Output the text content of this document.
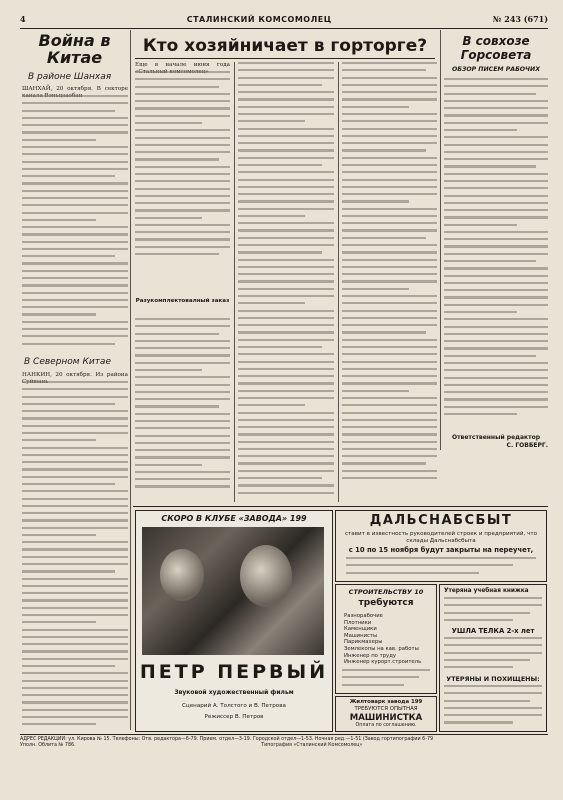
4	СТАЛИНСКИЙ КОМСОМОЛЕЦ	№ 243 (671)
Война в Китае
В районе Шанхая
ШАНХАЙ, 20 октября. В секторе
В Северном Китае
НАНКИН, 20 октября. Из района
Кто хозяйничает в горторге?
Еще в начале июня года
Разукомплектовалный заказ
В совхозе Горсовета
ОБЗОР ПИСЕМ РАБОЧИХ
Ответственный редактор
С. ГОВБЕРГ.
СКОРО В КЛУБЕ «ЗАВОДА» 199
ПЕТР ПЕРВЫЙ
Звуковой художественный фильм
Сценарий А. Толстого и В. Петрова
Режиссер В. Петров
ДАЛЬСНАБСБЫТ
ставит в известность руководителей строек и предприятий, что склады Дальснабсбыта
с 10 по 15 ноября будут закрыты на переучет,
СТРОИТЕЛЬСТВУ 10
требуются
Разнорабочие
Плотники
Каменщики
Машинисты
Парикмахеры
Землекопы на кав. работы
Инженер по труду
Инженер курорт.строитель
Жилтоварк завода 199
ТРЕБУЮТСЯ ОПЫТНАЯ
МАШИНИСТКА
Оплата по соглашению.
Утеряна учебная книжка
УШЛА ТЕЛКА 2-х лет
УТЕРЯНЫ И ПОХИЩЕНЫ:
АДРЕС РЕДАКЦИИ: ул. Кирова № 15. Телефоны: Отв. редактора—6-79. Прием. отдел—3-19. Городской отдел—1-53. Ночная ред.—1-51 (Завод гортипографии 6-79
Уполн. Облита № 786.	Типография «Сталинский Комсомолец»
